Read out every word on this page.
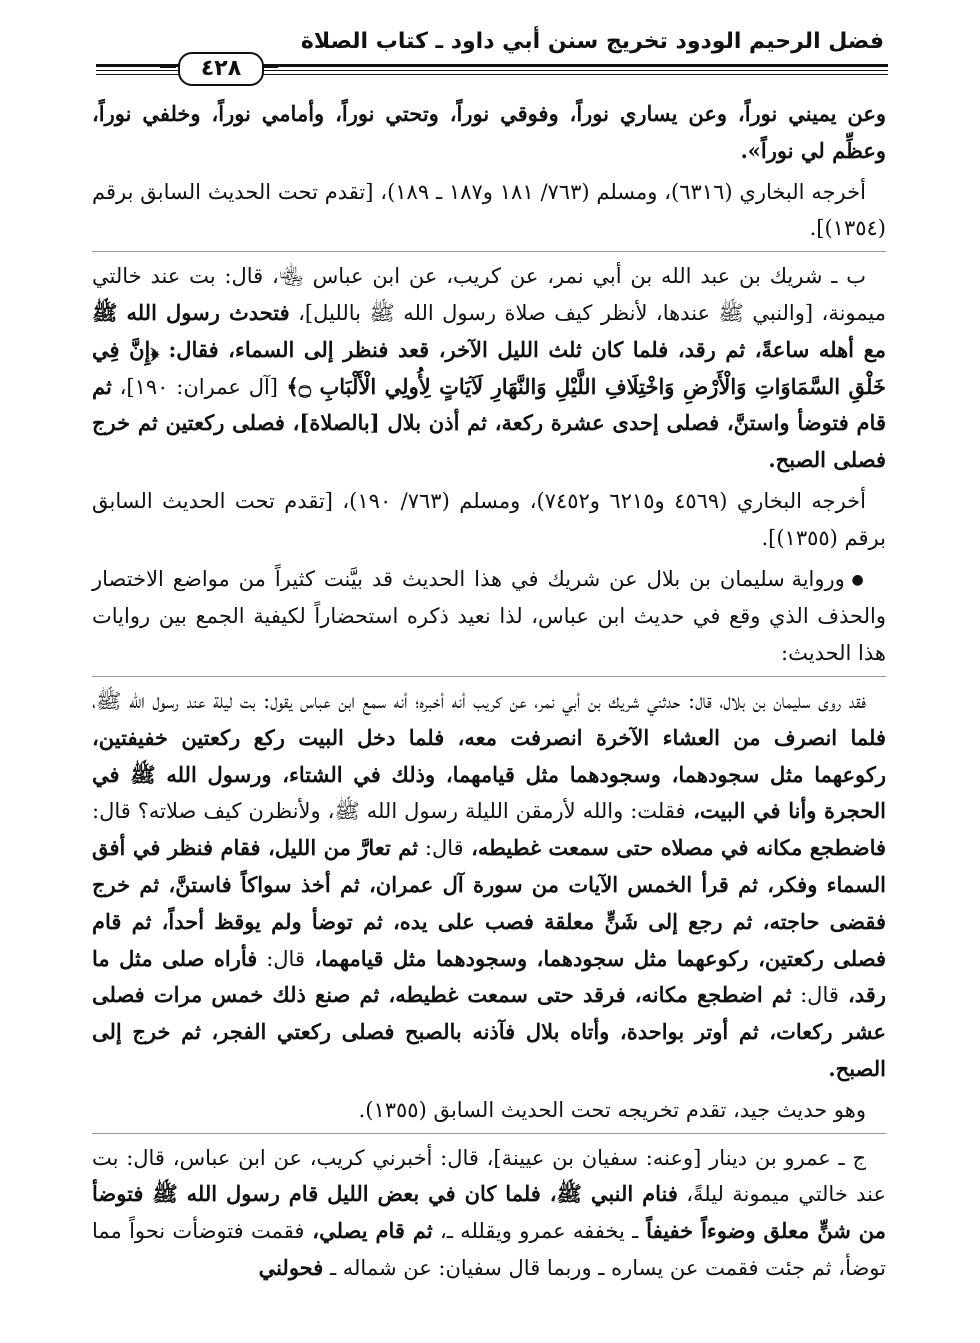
فضل الرحيم الودود تخريج سنن أبي داود ـ كتاب الصلاة
٤٢٨

وعن يميني نوراً، وعن يساري نوراً، وفوقي نوراً، وتحتي نوراً، وأمامي نوراً، وخلفي نوراً، وعظِّم لي نوراً».

أخرجه البخاري (٦٣١٦)، ومسلم (٧٦٣/ ١٨١ و١٨٧ ـ ١٨٩)، [تقدم تحت الحديث السابق برقم (١٣٥٤)].

ب ـ شريك بن عبد الله بن أبي نمر، عن كريب، عن ابن عباس ﵄، قال: بت عند خالتي ميمونة، [والنبي ﷺ عندها، لأنظر كيف صلاة رسول الله ﷺ بالليل]، فتحدث رسول الله ﷺ مع أهله ساعةً، ثم رقد، فلما كان ثلث الليل الآخر، قعد فنظر إلى السماء، فقال: ﴿إِنَّ فِي خَلْقِ السَّمَاوَاتِ وَالْأَرْضِ وَاخْتِلَافِ اللَّيْلِ وَالنَّهَارِ لَآيَاتٍ لِأُولِي الْأَلْبَابِ ۝﴾ [آل عمران: ١٩٠]، ثم قام فتوضأ واستنَّ، فصلى إحدى عشرة ركعة، ثم أذن بلال [بالصلاة]، فصلى ركعتين ثم خرج فصلى الصبح.

أخرجه البخاري (٤٥٦٩ و٦٢١٥ و٧٤٥٢)، ومسلم (٧٦٣/ ١٩٠)، [تقدم تحت الحديث السابق برقم (١٣٥٥)].

● ورواية سليمان بن بلال عن شريك في هذا الحديث قد بيَّنت كثيراً من مواضع الاختصار والحذف الذي وقع في حديث ابن عباس، لذا نعيد ذكره استحضاراً لكيفية الجمع بين روايات هذا الحديث:

فقد روى سليمان بن بلال، قال: حدثني شريك بن أبي نمر، عن كريب أنه أخبره؛ أنه سمع ابن عباس يقول: بت ليلة عند رسول الله ﷺ، فلما انصرف من العشاء الآخرة انصرفت معه، فلما دخل البيت ركع ركعتين خفيفتين، ركوعهما مثل سجودهما، وسجودهما مثل قيامهما، وذلك في الشتاء، ورسول الله ﷺ في الحجرة وأنا في البيت، فقلت: والله لأرمقن الليلة رسول الله ﷺ، ولأنظرن كيف صلاته؟ قال: فاضطجع مكانه في مصلاه حتى سمعت غطيطه، قال: ثم تعارَّ من الليل، فقام فنظر في أفق السماء وفكر، ثم قرأ الخمس الآيات من سورة آل عمران، ثم أخذ سواكاً فاستنَّ، ثم خرج فقضى حاجته، ثم رجع إلى شَنٍّ معلقة فصب على يده، ثم توضأ ولم يوقظ أحداً، ثم قام فصلى ركعتين، ركوعهما مثل سجودهما، وسجودهما مثل قيامهما، قال: فأراه صلى مثل ما رقد، قال: ثم اضطجع مكانه، فرقد حتى سمعت غطيطه، ثم صنع ذلك خمس مرات فصلى عشر ركعات، ثم أوتر بواحدة، وأتاه بلال فآذنه بالصبح فصلى ركعتي الفجر، ثم خرج إلى الصبح.

وهو حديث جيد، تقدم تخريجه تحت الحديث السابق (١٣٥٥).

ج ـ عمرو بن دينار [وعنه: سفيان بن عيينة]، قال: أخبرني كريب، عن ابن عباس، قال: بت عند خالتي ميمونة ليلةً، فنام النبي ﷺ، فلما كان في بعض الليل قام رسول الله ﷺ فتوضأ من شنٍّ معلق وضوءاً خفيفاً ـ يخففه عمرو ويقلله ـ، ثم قام يصلي، فقمت فتوضأت نحواً مما توضأ، ثم جئت فقمت عن يساره ـ وربما قال سفيان: عن شماله ـ فحولني
